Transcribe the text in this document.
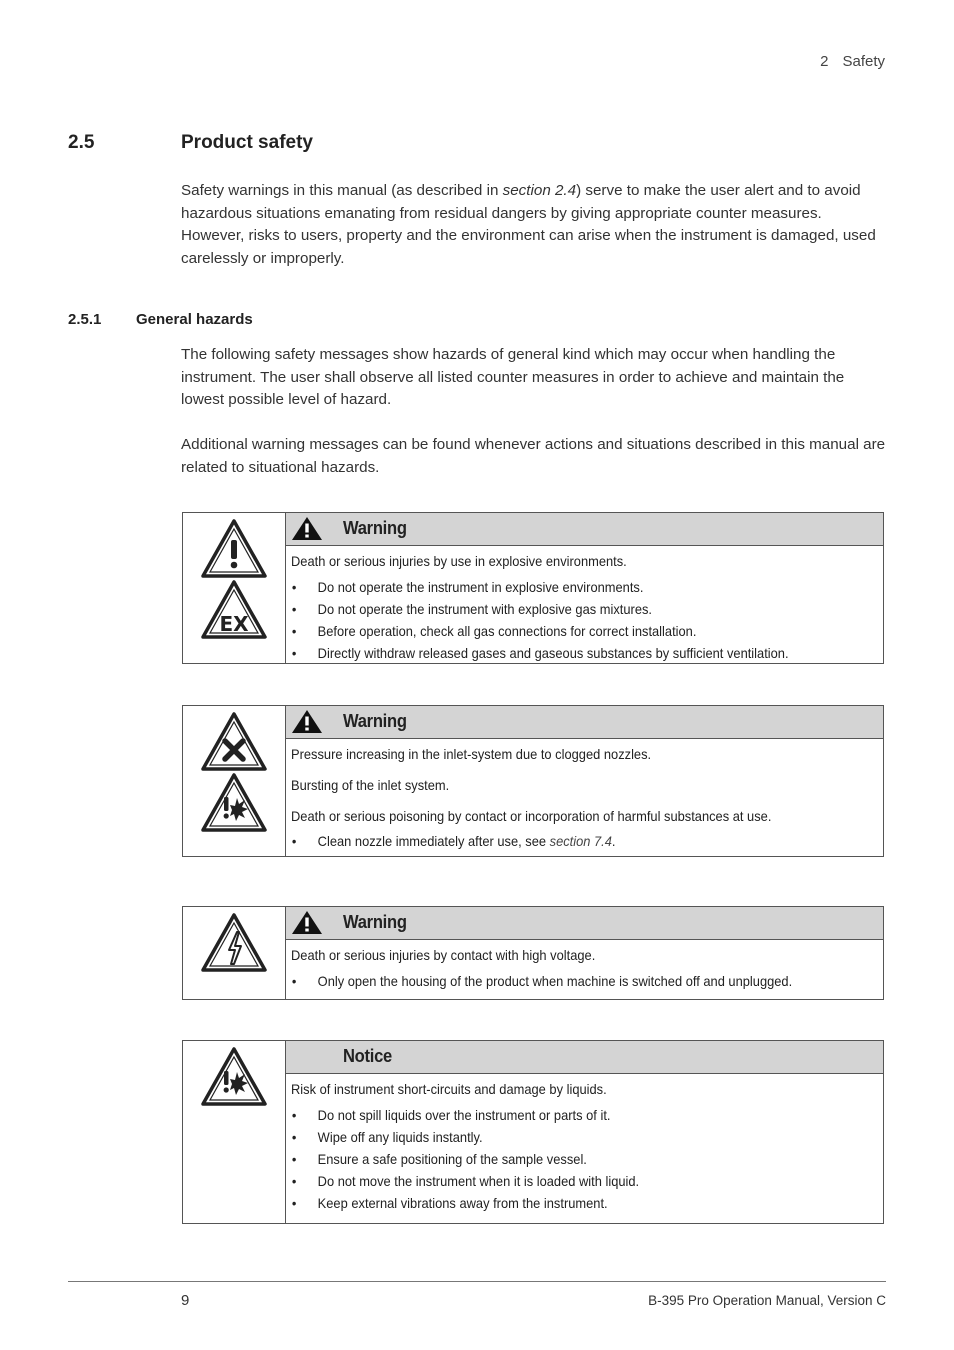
2 Safety
2.5	Product safety
Safety warnings in this manual (as described in section 2.4) serve to make the user alert and to avoid hazardous situations emanating from residual dangers by giving appropriate counter measures. However, risks to users, property and the environment can arise when the instrument is damaged, used carelessly or improperly.
2.5.1 General hazards
The following safety messages show hazards of general kind which may occur when handling the instrument. The user shall observe all listed counter measures in order to achieve and maintain the lowest possible level of hazard.
Additional warning messages can be found whenever actions and situations described in this manual are related to situational hazards.
EX
Warning
Death or serious injuries by use in explosive environments.
• Do not operate the instrument in explosive environments.
• Do not operate the instrument with explosive gas mixtures.
• Before operation, check all gas connections for correct installation.
• Directly withdraw released gases and gaseous substances by sufficient ventilation.
Warning
Pressure increasing in the inlet-system due to clogged nozzles.
Bursting of the inlet system.
Death or serious poisoning by contact or incorporation of harmful substances at use.
• Clean nozzle immediately after use, see section 7.4.
Warning
Death or serious injuries by contact with high voltage.
• Only open the housing of the product when machine is switched off and unplugged.
Notice
Risk of instrument short-circuits and damage by liquids.
• Do not spill liquids over the instrument or parts of it.
• Wipe off any liquids instantly.
• Ensure a safe positioning of the sample vessel.
• Do not move the instrument when it is loaded with liquid.
• Keep external vibrations away from the instrument.
9	B-395 Pro Operation Manual, Version C
